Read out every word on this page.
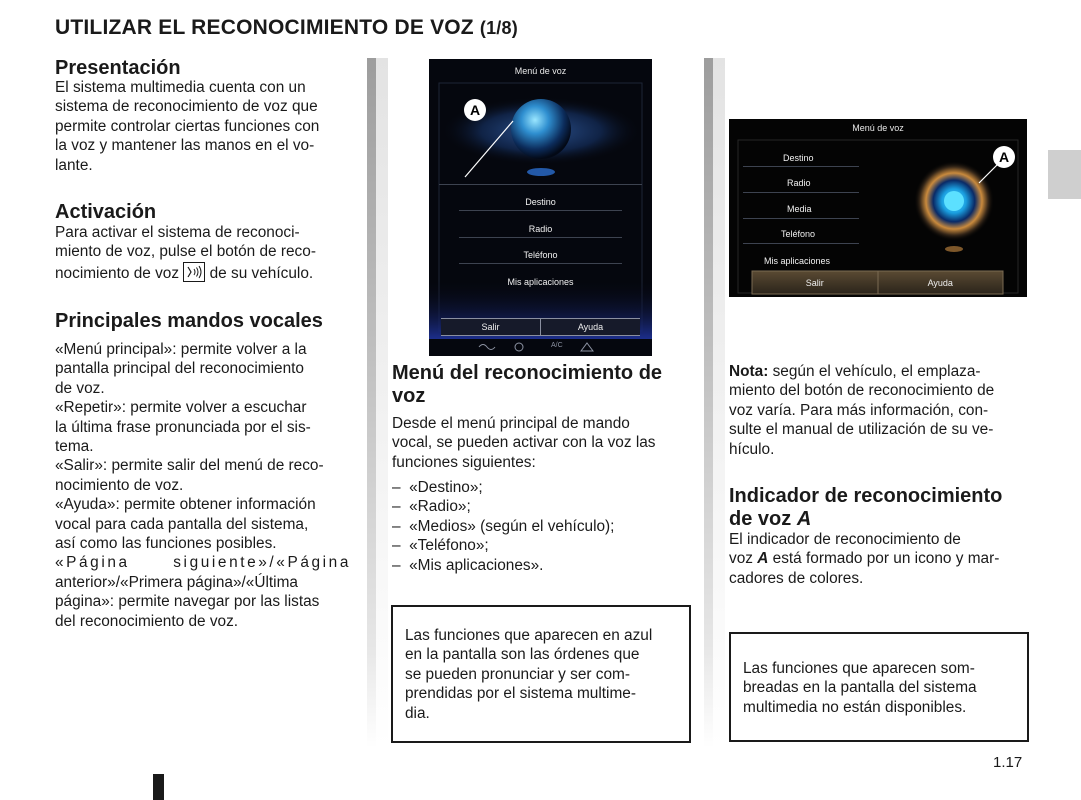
UTILIZAR EL RECONOCIMIENTO DE VOZ (1/8)
Presentación

El sistema multimedia cuenta con un
sistema de reconocimiento de voz que
permite controlar ciertas funciones con
la voz y mantener las manos en el vo-
lante.

Activación

Para activar el sistema de reconoci-
miento de voz, pulse el botón de reco-
nocimiento de voz de su vehículo.

Principales mandos vocales

«Menú principal»: permite volver a la
pantalla principal del reconocimiento
de voz.
«Repetir»: permite volver a escuchar
la última frase pronunciada por el sis-
tema.
«Salir»: permite salir del menú de reco-
nocimiento de voz.
«Ayuda»: permite obtener información
vocal para cada pantalla del sistema,
así como las funciones posibles.
«Página siguiente»/«Página
anterior»/«Primera página»/«Última
página»: permite navegar por las listas
del reconocimiento de voz.

A
Menú de voz
Destino
Radio
Teléfono
Mis aplicaciones
Salir	Ayuda
A/C
Menú del reconocimiento de
voz

Desde el menú principal de mando
vocal, se pueden activar con la voz las
funciones siguientes:

– «Destino»;
– «Radio»;
– «Medios» (según el vehículo);
– «Teléfono»;
– «Mis aplicaciones».

Las funciones que aparecen en azul
en la pantalla son las órdenes que
se pueden pronunciar y ser com-
prendidas por el sistema multime-
dia.

A
Menú de voz
Destino
Radio
Media
Teléfono
Mis aplicaciones
Salir	Ayuda

Nota: según el vehículo, el emplaza-
miento del botón de reconocimiento de
voz varía. Para más información, con-
sulte el manual de utilización de su ve-
hículo.

Indicador de reconocimiento
de voz A

El indicador de reconocimiento de
voz A está formado por un icono y mar-
cadores de colores.

Las funciones que aparecen som-
breadas en la pantalla del sistema
multimedia no están disponibles.

1.17
